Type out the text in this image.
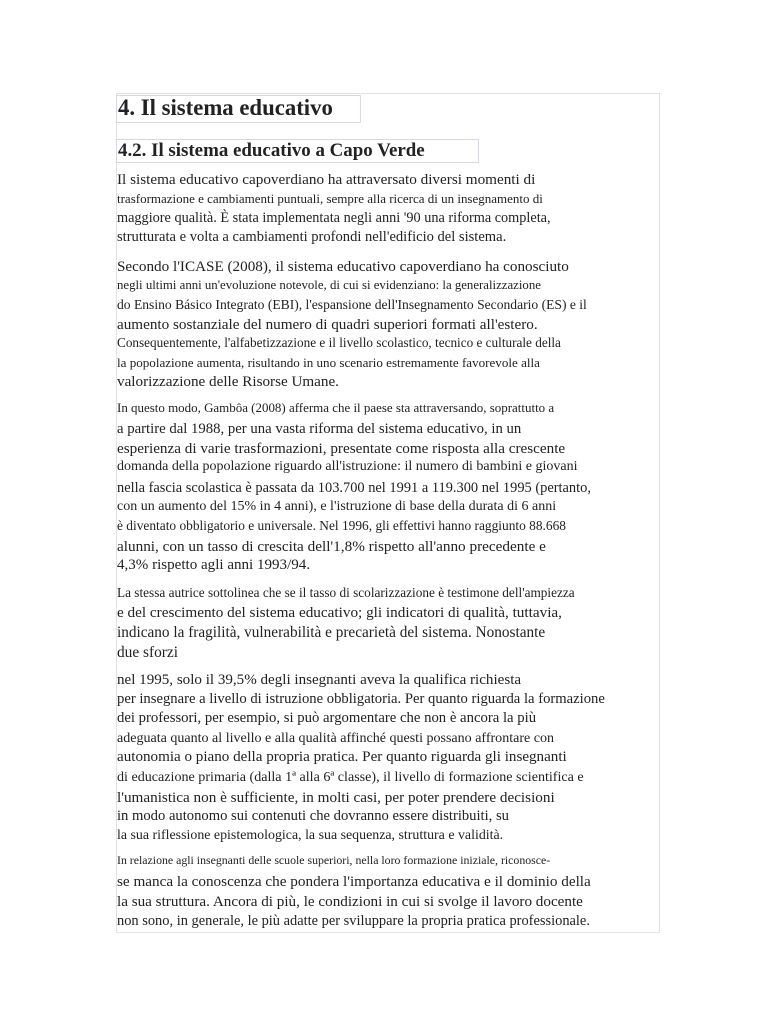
4. Il sistema educativo
4.2. Il sistema educativo a Capo Verde
Il sistema educativo capoverdiano ha attraversato diversi momenti di
trasformazione e cambiamenti puntuali, sempre alla ricerca di un insegnamento di
maggiore qualità. È stata implementata negli anni '90 una riforma completa,
strutturata e volta a cambiamenti profondi nell'edificio del sistema.
Secondo l'ICASE (2008), il sistema educativo capoverdiano ha conosciuto
negli ultimi anni un'evoluzione notevole, di cui si evidenziano: la generalizzazione
do Ensino Básico Integrato (EBI), l'espansione dell'Insegnamento Secondario (ES) e il
aumento sostanziale del numero di quadri superiori formati all'estero.
Consequentemente, l'alfabetizzazione e il livello scolastico, tecnico e culturale della
la popolazione aumenta, risultando in uno scenario estremamente favorevole alla
valorizzazione delle Risorse Umane.
In questo modo, Gambôa (2008) afferma che il paese sta attraversando, soprattutto a
a partire dal 1988, per una vasta riforma del sistema educativo, in un
esperienza di varie trasformazioni, presentate come risposta alla crescente
domanda della popolazione riguardo all'istruzione: il numero di bambini e giovani
nella fascia scolastica è passata da 103.700 nel 1991 a 119.300 nel 1995 (pertanto,
con un aumento del 15% in 4 anni), e l'istruzione di base della durata di 6 anni
è diventato obbligatorio e universale. Nel 1996, gli effettivi hanno raggiunto 88.668
alunni, con un tasso di crescita dell'1,8% rispetto all'anno precedente e
4,3% rispetto agli anni 1993/94.
La stessa autrice sottolinea che se il tasso di scolarizzazione è testimone dell'ampiezza
e del crescimento del sistema educativo; gli indicatori di qualità, tuttavia,
indicano la fragilità, vulnerabilità e precarietà del sistema. Nonostante
due sforzi
nel 1995, solo il 39,5% degli insegnanti aveva la qualifica richiesta
per insegnare a livello di istruzione obbligatoria. Per quanto riguarda la formazione
dei professori, per esempio, si può argomentare che non è ancora la più
adeguata quanto al livello e alla qualità affinché questi possano affrontare con
autonomia o piano della propria pratica. Per quanto riguarda gli insegnanti
di educazione primaria (dalla 1ª alla 6ª classe), il livello di formazione scientifica e
l'umanistica non è sufficiente, in molti casi, per poter prendere decisioni
in modo autonomo sui contenuti che dovranno essere distribuiti, su
la sua riflessione epistemologica, la sua sequenza, struttura e validità.
In relazione agli insegnanti delle scuole superiori, nella loro formazione iniziale, riconosce-
se manca la conoscenza che pondera l'importanza educativa e il dominio della
la sua struttura. Ancora di più, le condizioni in cui si svolge il lavoro docente
non sono, in generale, le più adatte per sviluppare la propria pratica professionale.
